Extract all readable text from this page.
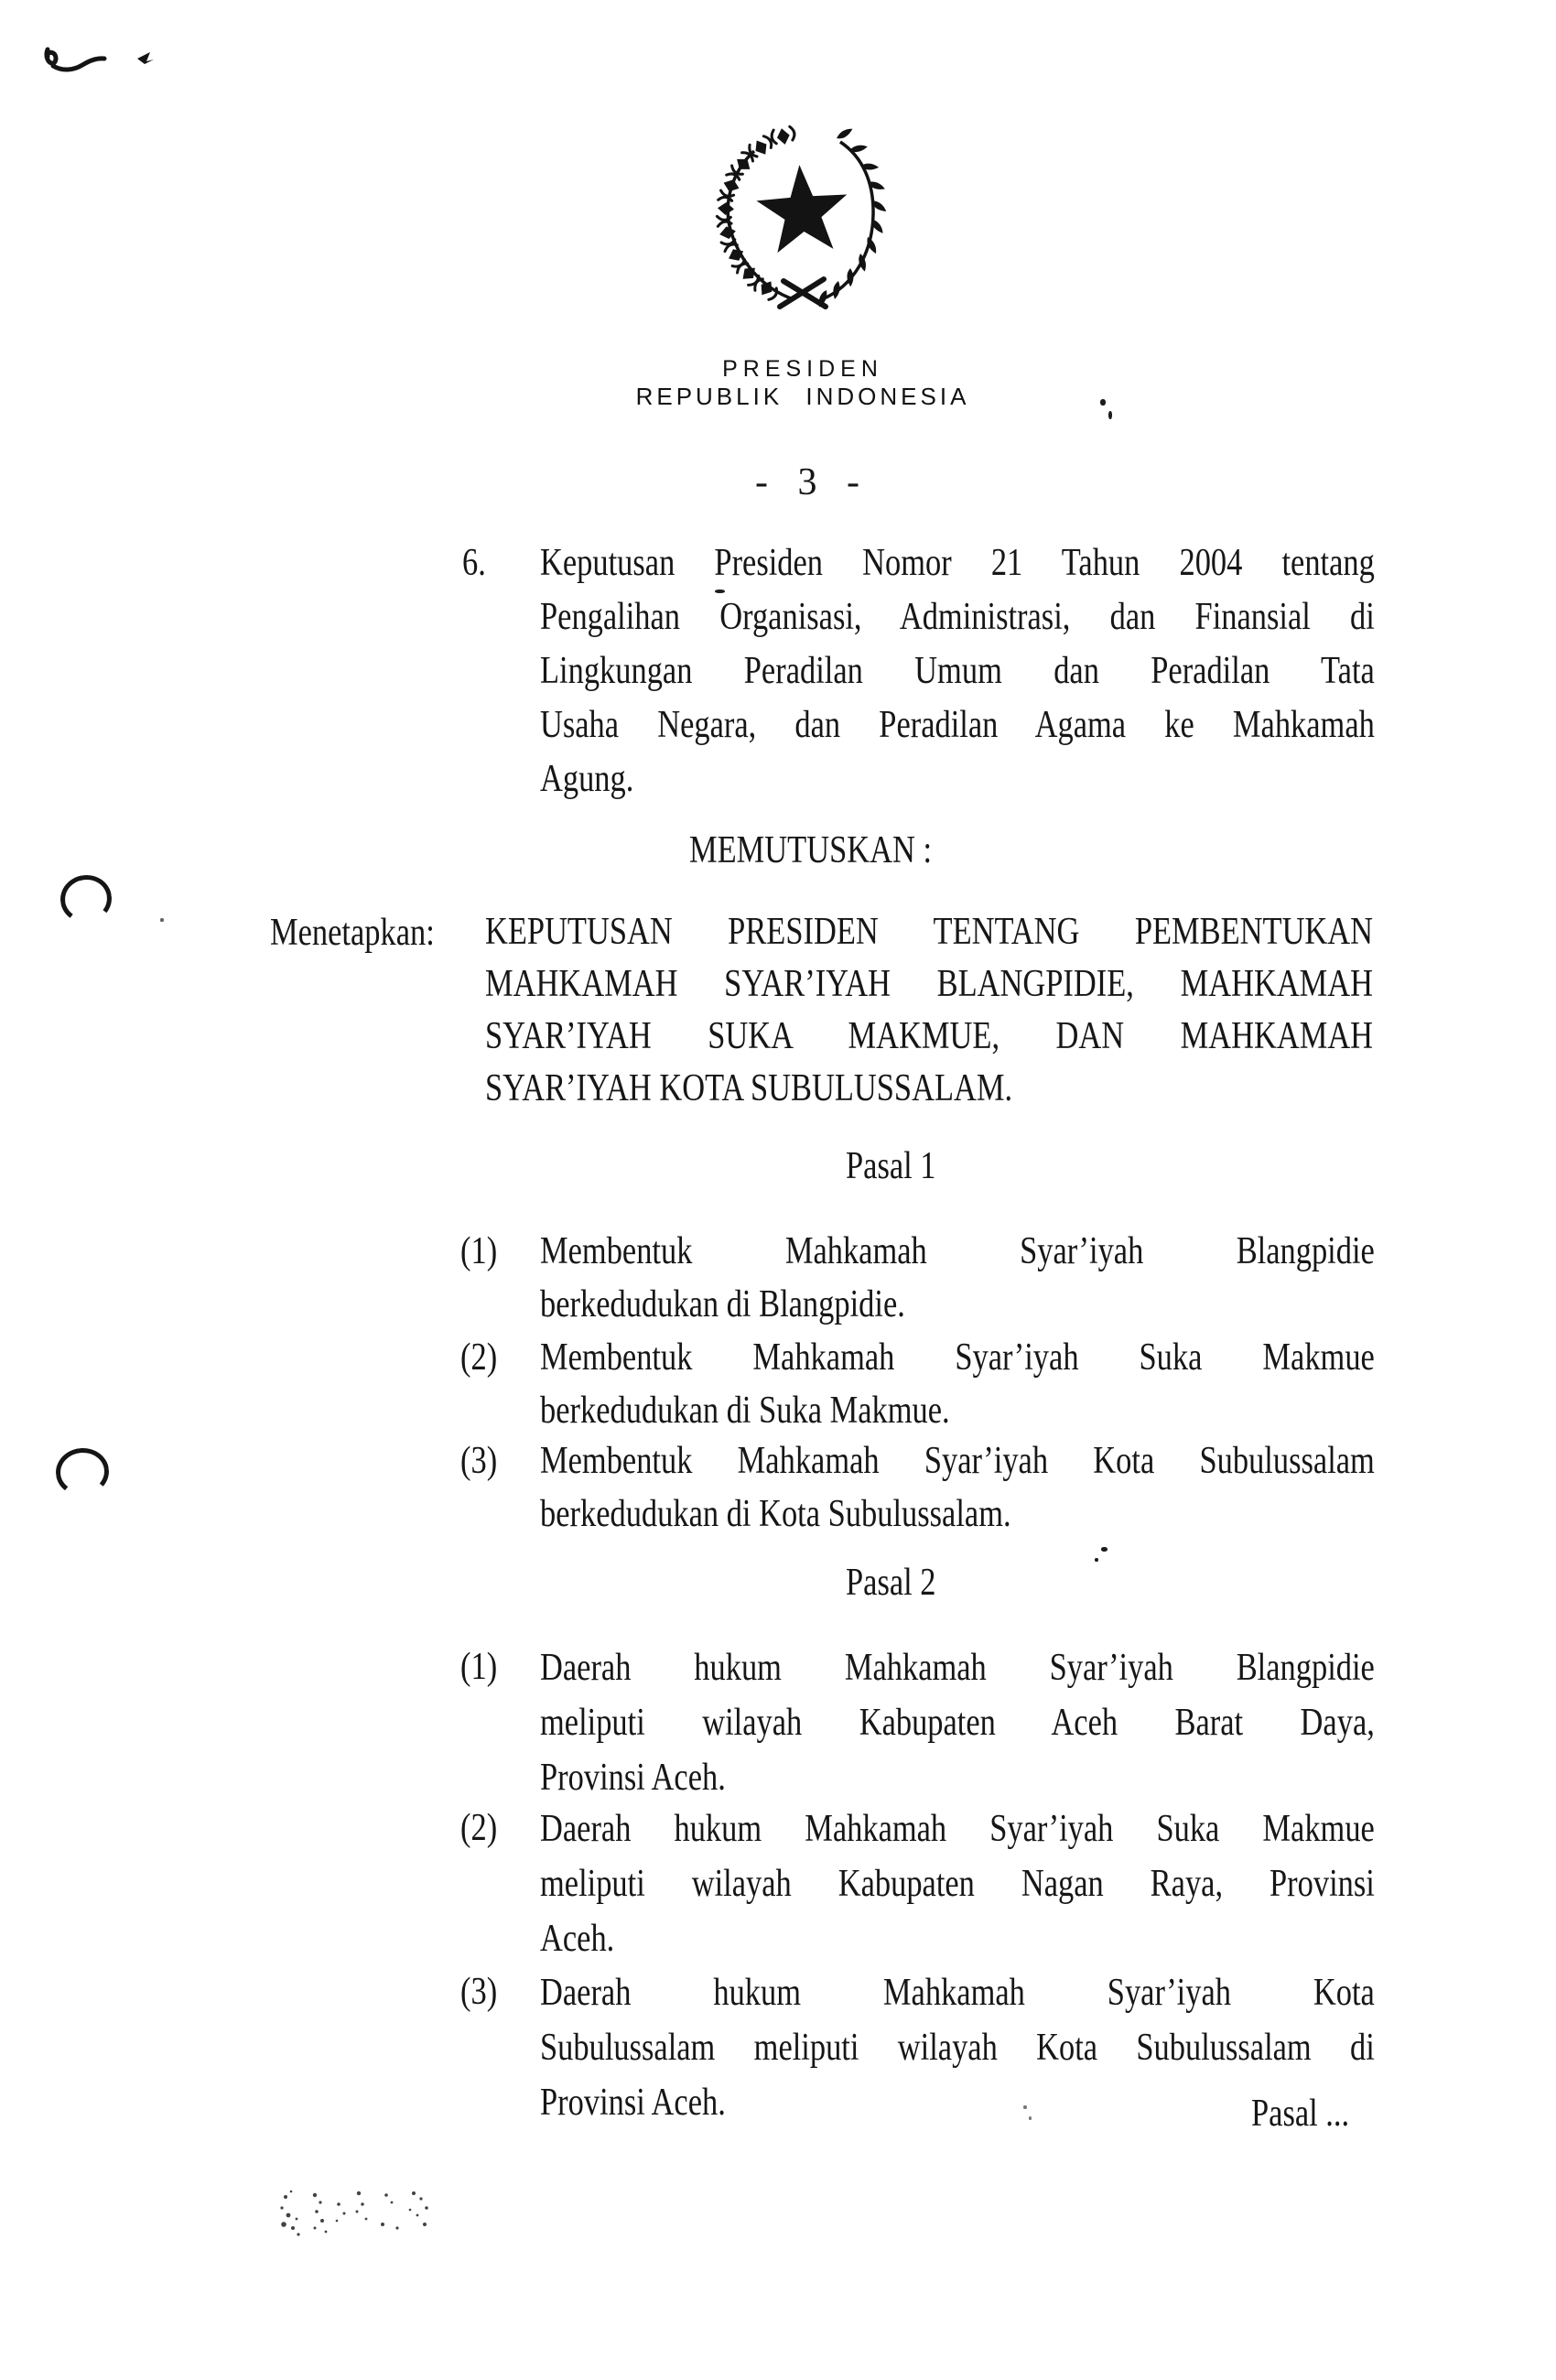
PRESIDEN
REPUBLIK INDONESIA
- 3 -
6. Keputusan Presiden Nomor 21 Tahun 2004 tentang
Pengalihan Organisasi, Administrasi, dan Finansial di
Lingkungan Peradilan Umum dan Peradilan Tata
Usaha Negara, dan Peradilan Agama ke Mahkamah
Agung.
MEMUTUSKAN :
Menetapkan: KEPUTUSAN PRESIDEN TENTANG PEMBENTUKAN
MAHKAMAH SYAR’IYAH BLANGPIDIE, MAHKAMAH
SYAR’IYAH SUKA MAKMUE, DAN MAHKAMAH
SYAR’IYAH KOTA SUBULUSSALAM.
Pasal 1
(1) Membentuk Mahkamah Syar’iyah Blangpidie
berkedudukan di Blangpidie.
(2) Membentuk Mahkamah Syar’iyah Suka Makmue
berkedudukan di Suka Makmue.
(3) Membentuk Mahkamah Syar’iyah Kota Subulussalam
berkedudukan di Kota Subulussalam.
Pasal 2
(1) Daerah hukum Mahkamah Syar’iyah Blangpidie
meliputi wilayah Kabupaten Aceh Barat Daya,
Provinsi Aceh.
(2) Daerah hukum Mahkamah Syar’iyah Suka Makmue
meliputi wilayah Kabupaten Nagan Raya, Provinsi
Aceh.
(3) Daerah hukum Mahkamah Syar’iyah Kota
Subulussalam meliputi wilayah Kota Subulussalam di
Provinsi Aceh.	Pasal ...
